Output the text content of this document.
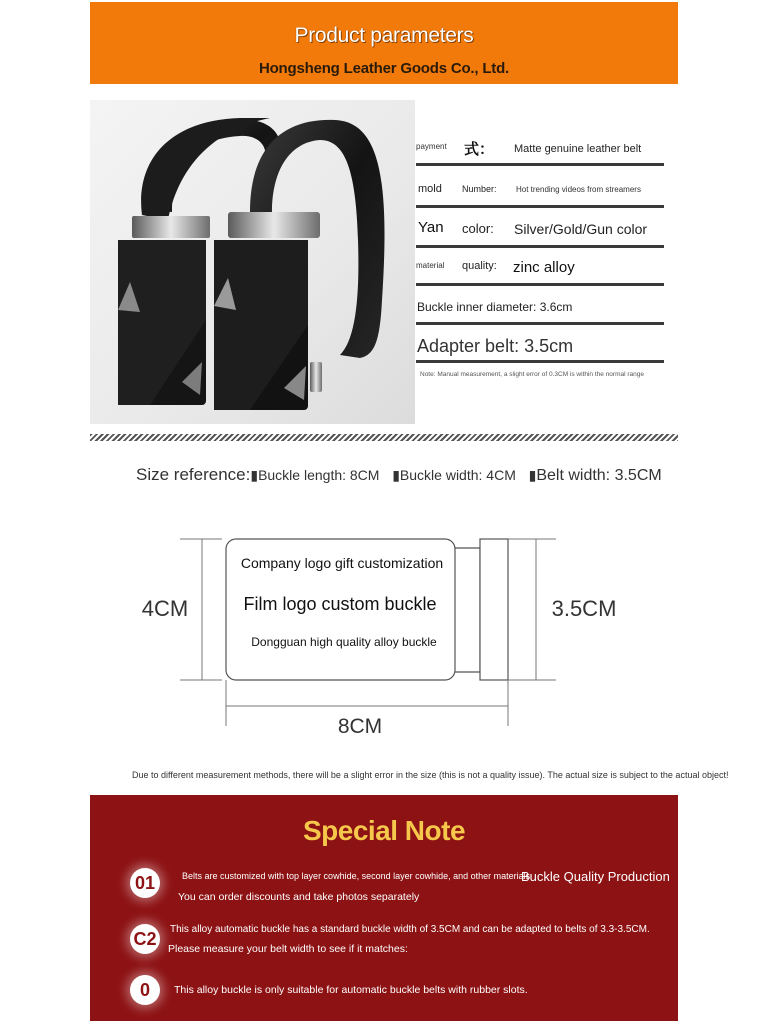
Product parameters
Hongsheng Leather Goods Co., Ltd.
payment 式： Matte genuine leather belt
mold Number: Hot trending videos from streamers
Yan color: Silver/Gold/Gun color
material quality: zinc alloy
Buckle inner diameter: 3.6cm
Adapter belt: 3.5cm
Note: Manual measurement, a slight error of 0.3CM is within the normal range
Size reference:▮Buckle length: 8CM ▮Buckle width: 4CM ▮Belt width: 3.5CM
4CM
Company logo gift customization
Film logo custom buckle
Dongguan high quality alloy buckle
3.5CM
8CM
Due to different measurement methods, there will be a slight error in the size (this is not a quality issue). The actual size is subject to the actual object!
Special Note
01	Belts are customized with top layer cowhide, second layer cowhide, and other materials
Buckle Quality Production
You can order discounts and take photos separately
C2	This alloy automatic buckle has a standard buckle width of 3.5CM and can be adapted to belts of 3.3-3.5CM.
Please measure your belt width to see if it matches:
0	This alloy buckle is only suitable for automatic buckle belts with rubber slots.
